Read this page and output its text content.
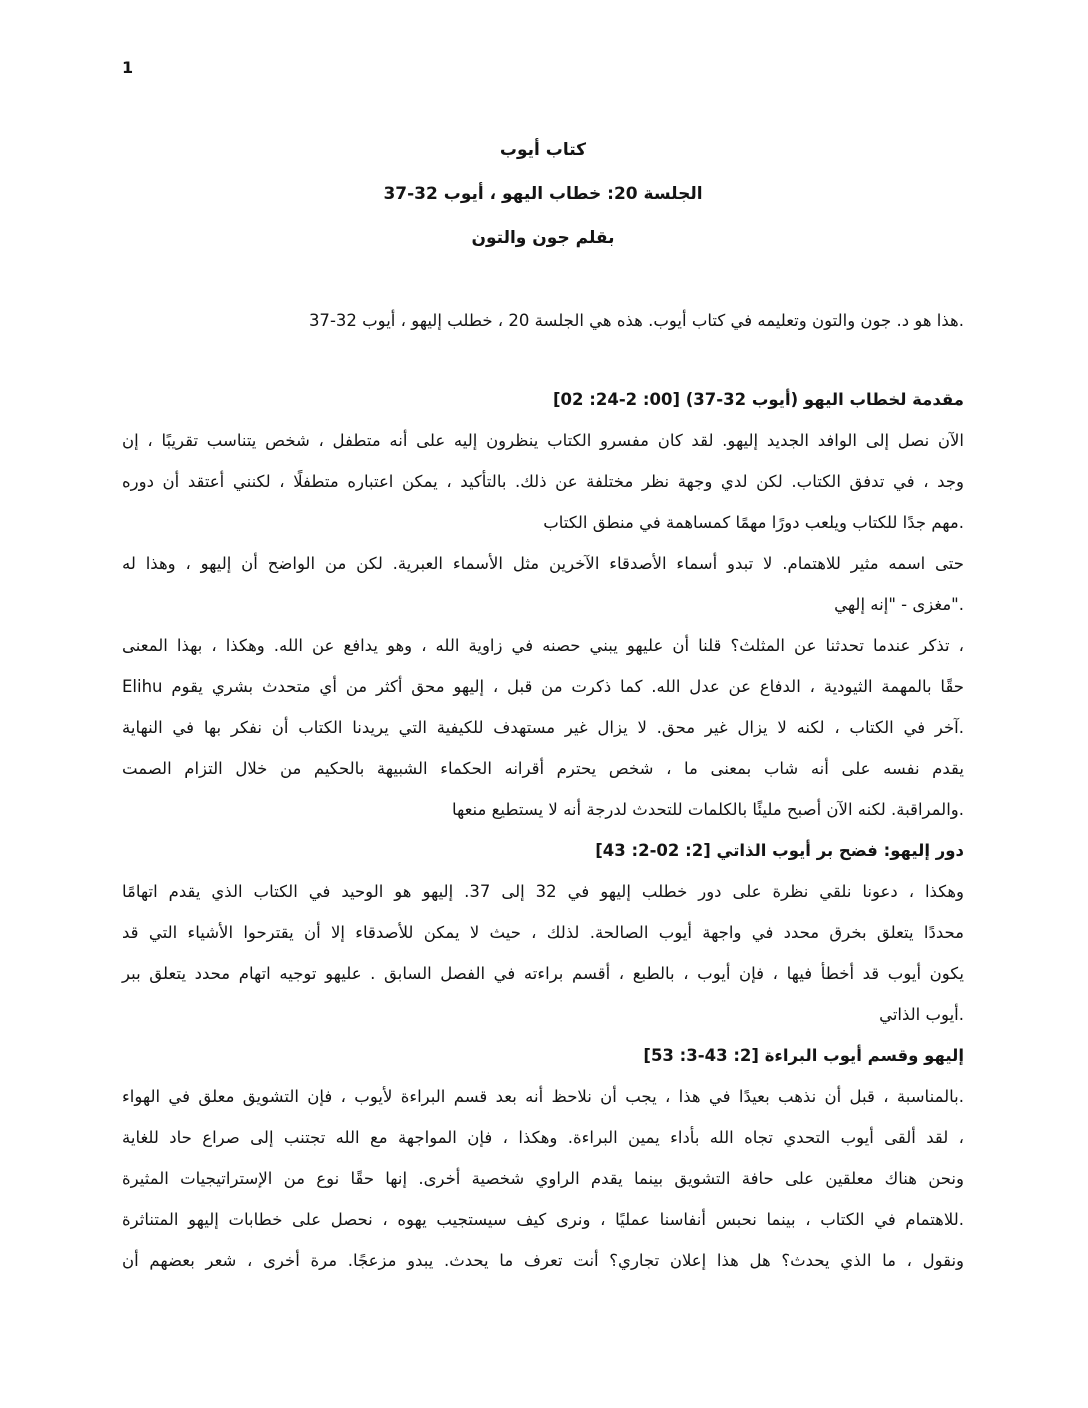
1
كتاب أيوب
الجلسة 20: خطاب اليهو ، أيوب 32-37
بقلم جون والتون
.هذا هو د. جون والتون وتعليمه في كتاب أيوب. هذه هي الجلسة 20 ، خطلب إليهو ، أيوب 32-37
مقدمة لخطاب اليهو (أيوب 32-37) [00: 2-24: 02]
الآن نصل إلى الوافد الجديد إليهو. لقد كان مفسرو الكتاب ينظرون إليه على أنه متطفل ، شخص يتناسب تقريبًا ، إن
وجد ، في تدفق الكتاب. لكن لدي وجهة نظر مختلفة عن ذلك. بالتأكيد ، يمكن اعتباره متطفلًا ، لكنني أعتقد أن دوره
.مهم جدًا للكتاب ويلعب دورًا مهمًا كمساهمة في منطق الكتاب
حتى اسمه مثير للاهتمام. لا تبدو أسماء الأصدقاء الآخرين مثل الأسماء العبرية. لكن من الواضح أن إليهو ، وهذا له
."مغزى - "إنه إلهي
، تذكر عندما تحدثنا عن المثلث؟ قلنا أن عليهو يبني حصنه في زاوية الله ، وهو يدافع عن الله. وهكذا ، بهذا المعنى
حقًا بالمهمة الثيودية ، الدفاع عن عدل الله. كما ذكرت من قبل ، إليهو محق أكثر من أي متحدث بشري يقوم Elihu
.آخر في الكتاب ، لكنه لا يزال غير محق. لا يزال غير مستهدف للكيفية التي يريدنا الكتاب أن نفكر بها في النهاية
يقدم نفسه على أنه شاب بمعنى ما ، شخص يحترم أقرانه الحكماء الشبيهة بالحكيم من خلال التزام الصمت
.والمراقبة. لكنه الآن أصبح مليئًا بالكلمات للتحدث لدرجة أنه لا يستطيع منعها
دور إليهو: فضح بر أيوب الذاتي [2: 02-2: 43]
وهكذا ، دعونا نلقي نظرة على دور خطلب إليهو في 32 إلى 37. إليهو هو الوحيد في الكتاب الذي يقدم اتهامًا
محددًا يتعلق بخرق محدد في واجهة أيوب الصالحة. لذلك ، حيث لا يمكن للأصدقاء إلا أن يقترحوا الأشياء التي قد
يكون أيوب قد أخطأ فيها ، فإن أيوب ، بالطبع ، أقسم براءته في الفصل السابق . عليهو توجيه اتهام محدد يتعلق ببر
.أيوب الذاتي
إليهو وقسم أيوب البراءة [2: 43-3: 53]
.بالمناسبة ، قبل أن نذهب بعيدًا في هذا ، يجب أن نلاحظ أنه بعد قسم البراءة لأيوب ، فإن التشويق معلق في الهواء
، لقد ألقى أيوب التحدي تجاه الله بأداء يمين البراءة. وهكذا ، فإن المواجهة مع الله تجتنب إلى صراع حاد للغاية
ونحن هناك معلقين على حافة التشويق بينما يقدم الراوي شخصية أخرى. إنها حقًا نوع من الإستراتيجيات المثيرة
.للاهتمام في الكتاب ، بينما نحبس أنفاسنا عمليًا ، ونرى كيف سيستجيب يهوه ، نحصل على خطابات إليهو المتناثرة
ونقول ، ما الذي يحدث؟ هل هذا إعلان تجاري؟ أنت تعرف ما يحدث. يبدو مزعجًا. مرة أخرى ، شعر بعضهم أن
